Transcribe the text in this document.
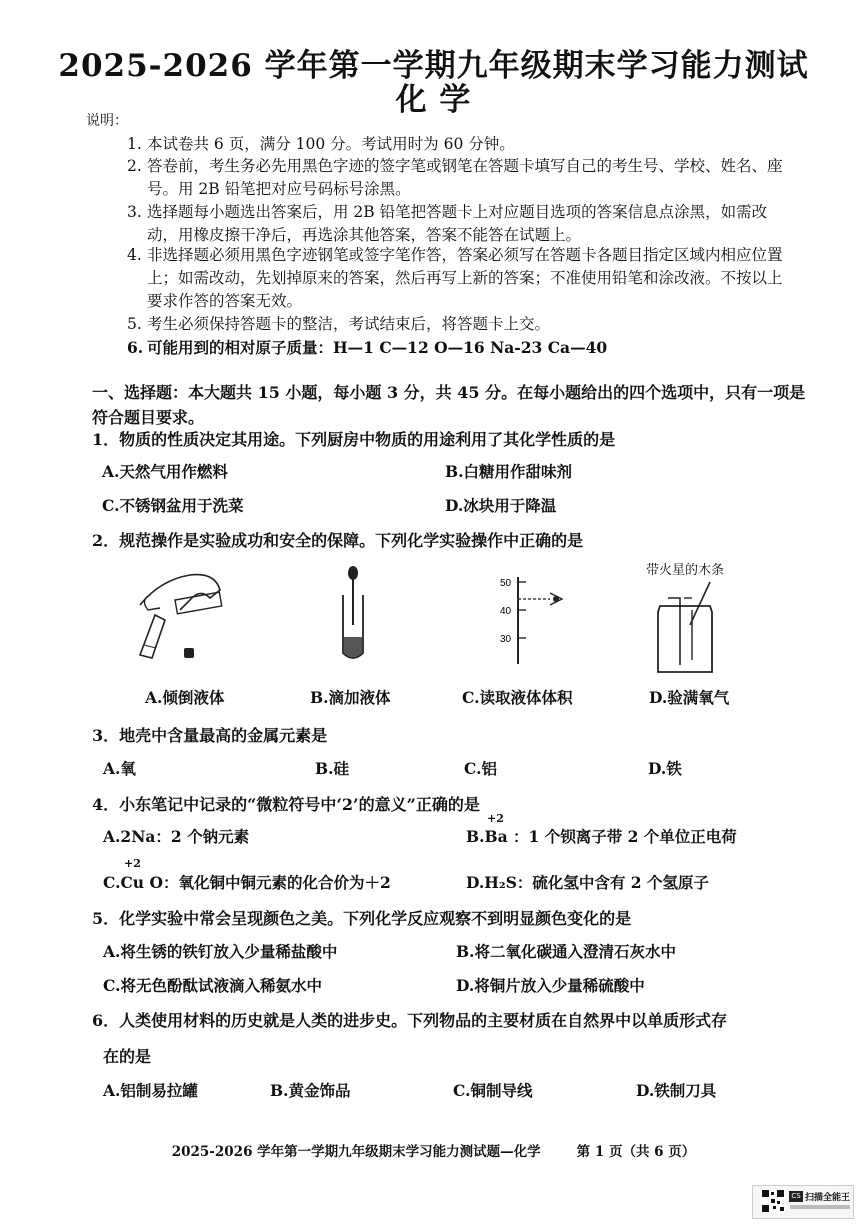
2025-2026 学年第一学期九年级期末学习能力测试
化 学
说明：
1. 本试卷共 6 页，满分 100 分。考试用时为 60 分钟。
2. 答卷前，考生务必先用黑色字迹的签字笔或钢笔在答题卡填写自己的考生号、学校、姓名、座号。用 2B 铅笔把对应号码标号涂黑。
3. 选择题每小题选出答案后，用 2B 铅笔把答题卡上对应题目选项的答案信息点涂黑，如需改动，用橡皮擦干净后，再选涂其他答案，答案不能答在试题上。
4. 非选择题必须用黑色字迹钢笔或签字笔作答，答案必须写在答题卡各题目指定区域内相应位置上；如需改动，先划掉原来的答案，然后再写上新的答案；不准使用铅笔和涂改液。不按以上要求作答的答案无效。
5. 考生必须保持答题卡的整洁，考试结束后，将答题卡上交。
6. 可能用到的相对原子质量：H—1 C—12 O—16 Na-23 Ca—40
一、选择题：本大题共 15 小题，每小题 3 分，共 45 分。在每小题给出的四个选项中，只有一项是符合题目要求。
1．物质的性质决定其用途。下列厨房中物质的用途利用了其化学性质的是
A.天然气用作燃料	B.白糖用作甜味剂
C.不锈钢盆用于洗菜	D.冰块用于降温
2．规范操作是实验成功和安全的保障。下列化学实验操作中正确的是
50
40
30
带火星的木条
A.倾倒液体	B.滴加液体	C.读取液体体积	D.验满氧气
3．地壳中含量最高的金属元素是
A.氧	B.硅	C.铝	D.铁
4．小东笔记中记录的“微粒符号中‘2’的意义”正确的是
A.2Na：2 个钠元素
+2
B.Ba ：1 个钡离子带 2 个单位正电荷
+2
C.Cu O：氧化铜中铜元素的化合价为＋2	D.H₂S：硫化氢中含有 2 个氢原子
5．化学实验中常会呈现颜色之美。下列化学反应观察不到明显颜色变化的是
A.将生锈的铁钉放入少量稀盐酸中	B.将二氧化碳通入澄清石灰水中
C.将无色酚酞试液滴入稀氨水中	D.将铜片放入少量稀硫酸中
6．人类使用材料的历史就是人类的进步史。下列物品的主要材质在自然界中以单质形式存
在的是
A.铝制易拉罐	B.黄金饰品	C.铜制导线	D.铁制刀具
2025-2026 学年第一学期九年级期末学习能力测试题—化学	第 1 页（共 6 页）
CS 扫描全能王
